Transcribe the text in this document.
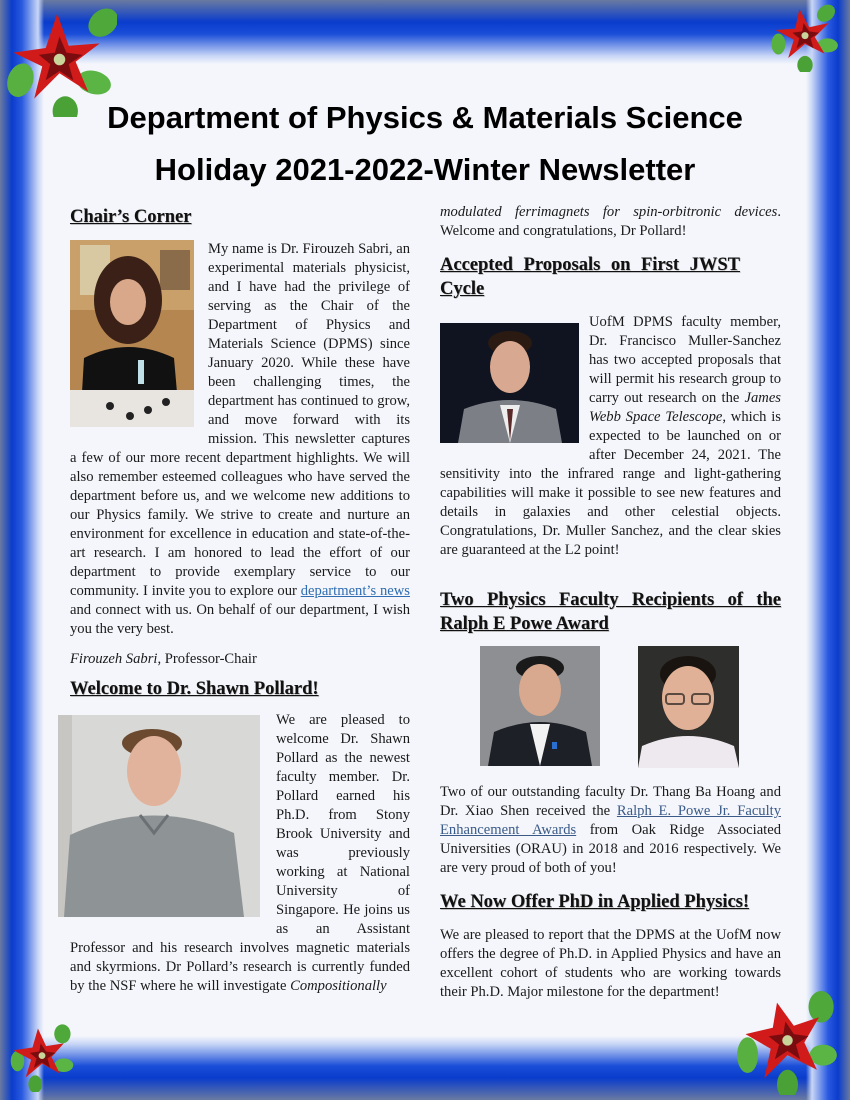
Department of Physics & Materials Science
Holiday 2021-2022-Winter Newsletter
Chair’s Corner

My name is Dr. Firouzeh Sabri, an experimental materials physicist, and I have had the privilege of serving as the Chair of the Department of Physics and Materials Science (DPMS) since January 2020. While these have been challenging times, the department has continued to grow, and move forward with its mission. This newsletter captures a few of our more recent department highlights. We will also remember esteemed colleagues who have served the department before us, and we welcome new additions to our Physics family. We strive to create and nurture an environment for excellence in education and state-of-the-art research. I am honored to lead the effort of our department to provide exemplary service to our community. I invite you to explore our department’s news and connect with us. On behalf of our department, I wish you the very best.

Firouzeh Sabri, Professor-Chair

Welcome to Dr. Shawn Pollard!

We are pleased to welcome Dr. Shawn Pollard as the newest faculty member. Dr. Pollard earned his Ph.D. from Stony Brook University and was previously working at National University of Singapore. He joins us as an Assistant Professor and his research involves magnetic materials and skyrmions. Dr Pollard’s research is currently funded by the NSF where he will investigate Compositionally

modulated ferrimagnets for spin-orbitronic devices. Welcome and congratulations, Dr Pollard!

Accepted Proposals on First JWST Cycle

UofM DPMS faculty member, Dr. Francisco Muller-Sanchez has two accepted proposals that will permit his research group to carry out research on the James Webb Space Telescope, which is expected to be launched on or after December 24, 2021. The sensitivity into the infrared range and light-gathering capabilities will make it possible to see new features and details in galaxies and other celestial objects. Congratulations, Dr. Muller Sanchez, and the clear skies are guaranteed at the L2 point!

Two Physics Faculty Recipients of the Ralph E Powe Award

Two of our outstanding faculty Dr. Thang Ba Hoang and Dr. Xiao Shen received the Ralph E. Powe Jr. Faculty Enhancement Awards from Oak Ridge Associated Universities (ORAU) in 2018 and 2016 respectively. We are very proud of both of you!

We Now Offer PhD in Applied Physics!

We are pleased to report that the DPMS at the UofM now offers the degree of Ph.D. in Applied Physics and have an excellent cohort of students who are working towards their Ph.D. Major milestone for the department!
